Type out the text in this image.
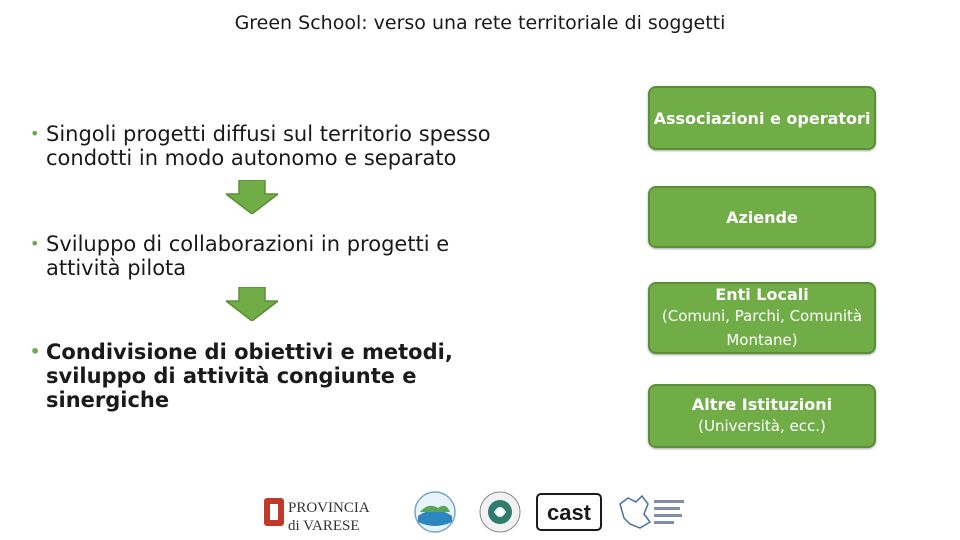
Green School: verso una rete territoriale di soggetti
• Singoli progetti diffusi sul territorio spesso condotti in modo autonomo e separato
• Sviluppo di collaborazioni in progetti e attività pilota
• Condivisione di obiettivi e metodi, sviluppo di attività congiunte e sinergiche
Associazioni e operatori
Aziende
Enti Locali
(Comuni, Parchi, Comunità Montane)
Altre Istituzioni
(Università, ecc.)
PROVINCIA
di VARESE
cast
